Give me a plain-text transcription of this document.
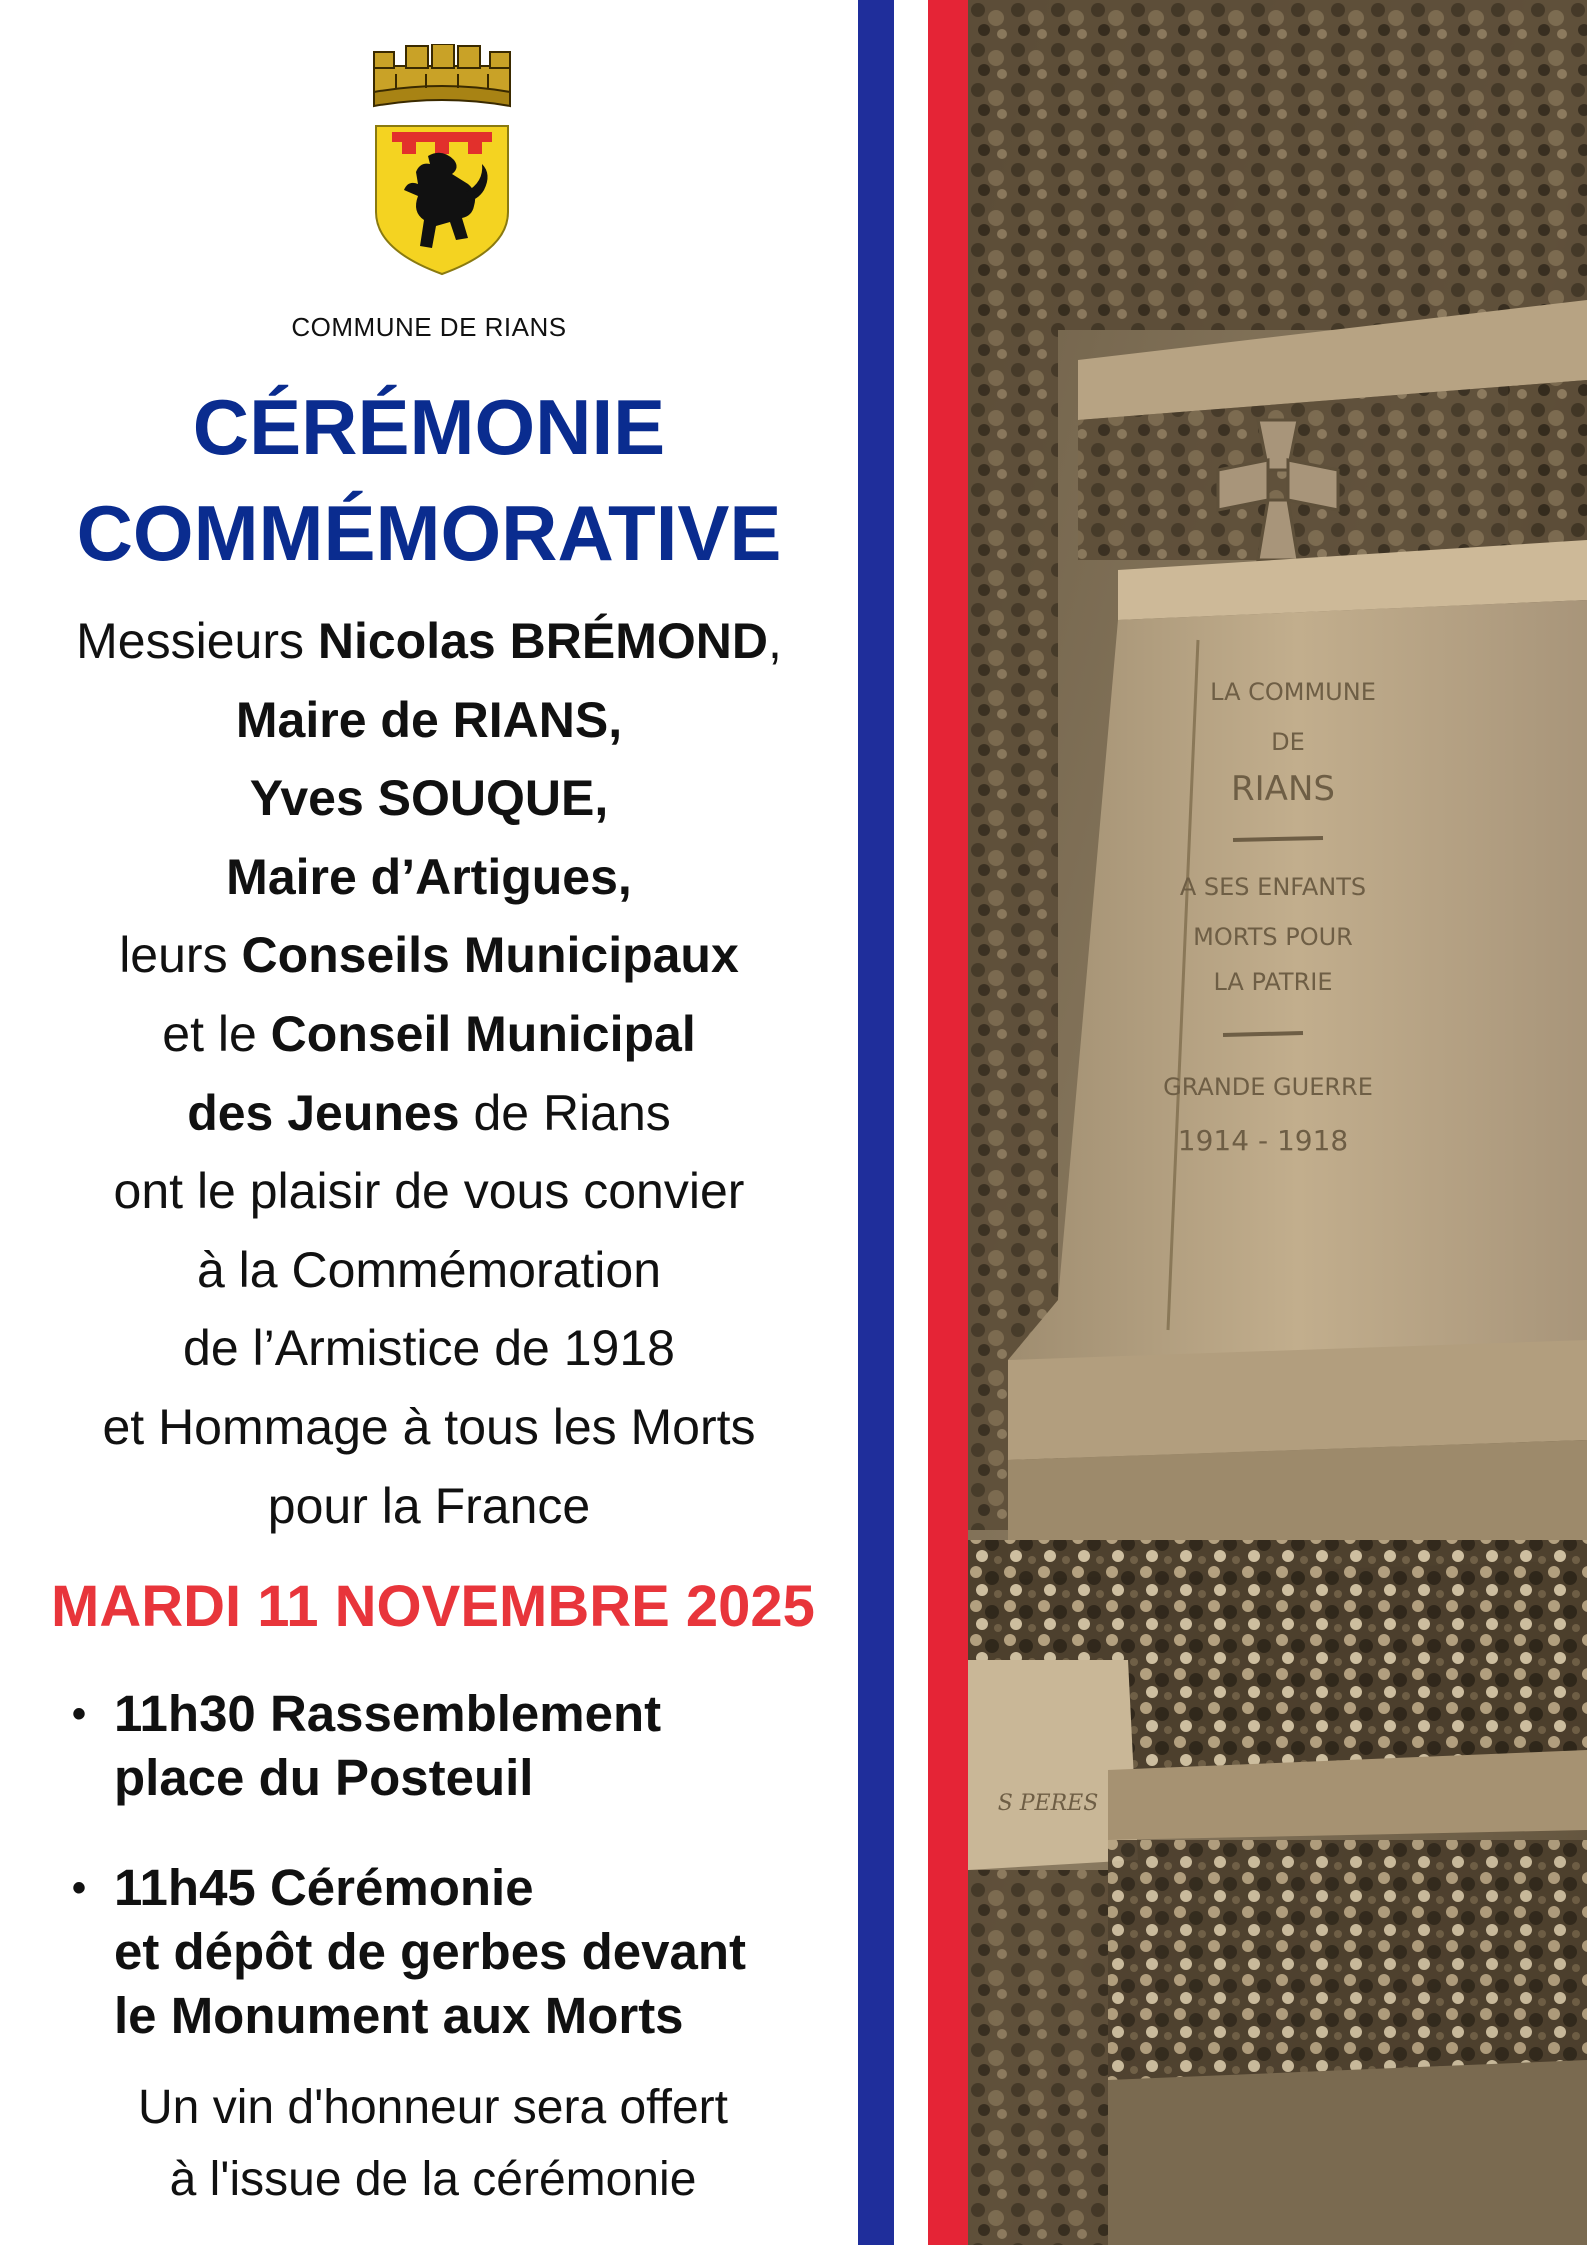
COMMUNE DE RIANS
CÉRÉMONIE
COMMÉMORATIVE
Messieurs Nicolas BRÉMOND,
Maire de RIANS,
Yves SOUQUE,
Maire d’Artigues,
leurs Conseils Municipaux
et le Conseil Municipal
des Jeunes de Rians
ont le plaisir de vous convier
à la Commémoration
de l’Armistice de 1918
et Hommage à tous les Morts
pour la France
MARDI 11 NOVEMBRE 2025
• 11h30 Rassemblement
place du Posteuil
• 11h45 Cérémonie
et dépôt de gerbes devant
le Monument aux Morts
Un vin d'honneur sera offert
à l'issue de la cérémonie
LA COMMUNE
DE
RIANS
A SES ENFANTS
MORTS POUR
LA PATRIE
GRANDE GUERRE
1914 - 1918
S PERES
